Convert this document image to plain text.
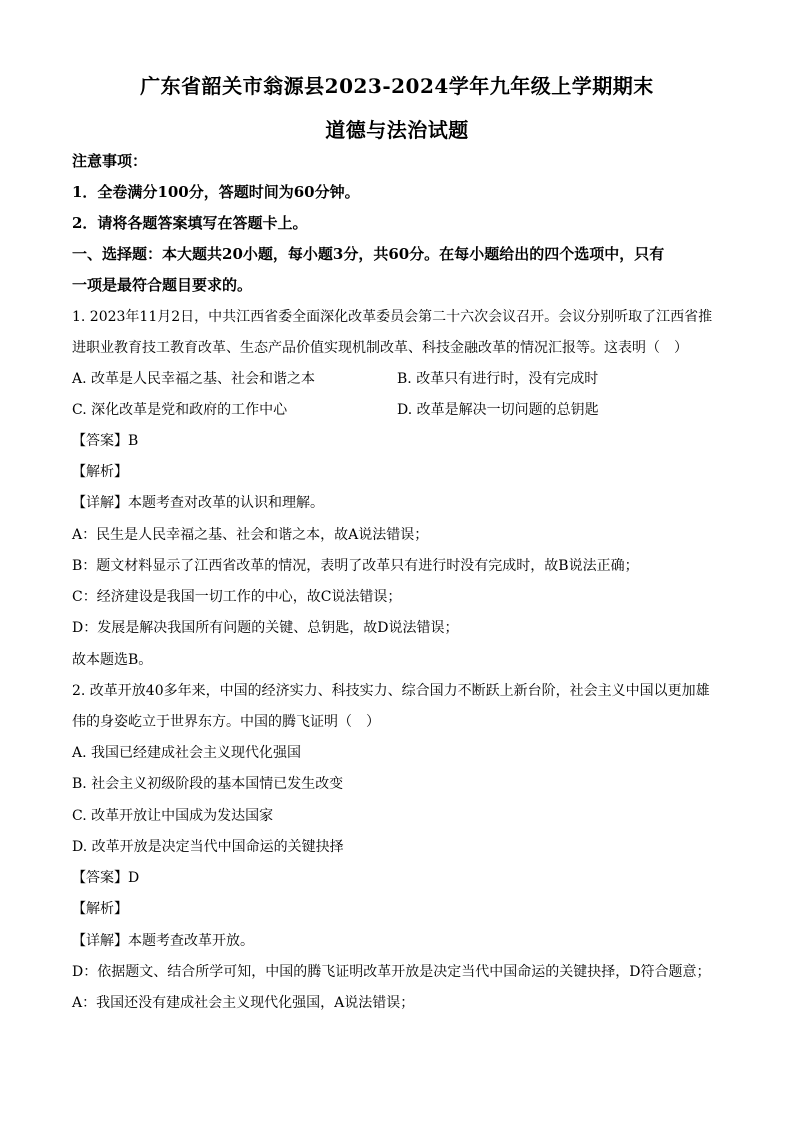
广东省韶关市翁源县2023-2024学年九年级上学期期末
道德与法治试题
注意事项：
1．全卷满分100分，答题时间为60分钟。
2．请将各题答案填写在答题卡上。
一、选择题：本大题共20小题，每小题3分，共60分。在每小题给出的四个选项中，只有
一项是最符合题目要求的。
1. 2023年11月2日，中共江西省委全面深化改革委员会第二十六次会议召开。会议分别听取了江西省推
进职业教育技工教育改革、生态产品价值实现机制改革、科技金融改革的情况汇报等。这表明（　）
A. 改革是人民幸福之基、社会和谐之本	B. 改革只有进行时，没有完成时
C. 深化改革是党和政府的工作中心	D. 改革是解决一切问题的总钥匙
【答案】B
【解析】
【详解】本题考查对改革的认识和理解。
A：民生是人民幸福之基、社会和谐之本，故A说法错误；
B：题文材料显示了江西省改革的情况，表明了改革只有进行时没有完成时，故B说法正确；
C：经济建设是我国一切工作的中心，故C说法错误；
D：发展是解决我国所有问题的关键、总钥匙，故D说法错误；
故本题选B。
2. 改革开放40多年来，中国的经济实力、科技实力、综合国力不断跃上新台阶，社会主义中国以更加雄
伟的身姿屹立于世界东方。中国的腾飞证明（　）
A. 我国已经建成社会主义现代化强国
B. 社会主义初级阶段的基本国情已发生改变
C. 改革开放让中国成为发达国家
D. 改革开放是决定当代中国命运的关键抉择
【答案】D
【解析】
【详解】本题考查改革开放。
D：依据题文、结合所学可知，中国的腾飞证明改革开放是决定当代中国命运的关键抉择，D符合题意；
A：我国还没有建成社会主义现代化强国，A说法错误；
